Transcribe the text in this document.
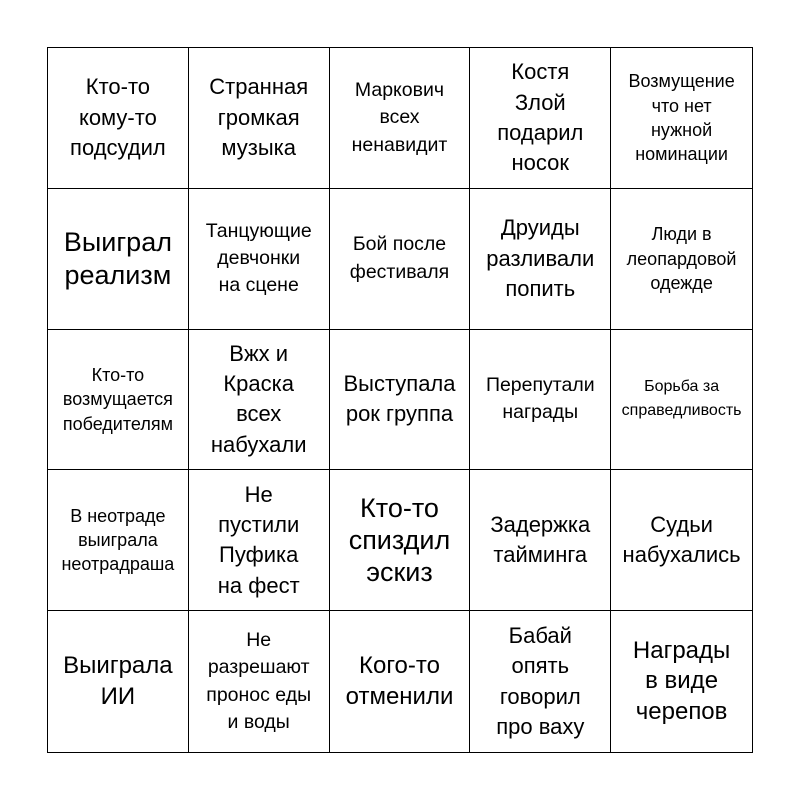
Кто-то
кому-то
подсудил
Странная
громкая
музыка
Маркович
всех
ненавидит
Костя
Злой
подарил
носок
Возмущение
что нет
нужной
номинации
Выиграл
реализм
Танцующие
девчонки
на сцене
Бой после
фестиваля
Друиды
разливали
попить
Люди в
леопардовой
одежде
Кто-то
возмущается
победителям
Вжх и
Краска
всех
набухали
Выступала
рок группа
Перепутали
награды
Борьба за
справедливость
В неотраде
выиграла
неотрадраша
Не
пустили
Пуфика
на фест
Кто-то
спиздил
эскиз
Задержка
тайминга
Судьи
набухались
Выиграла
ИИ
Не
разрешают
пронос еды
и воды
Кого-то
отменили
Бабай
опять
говорил
про ваху
Награды
в виде
черепов
